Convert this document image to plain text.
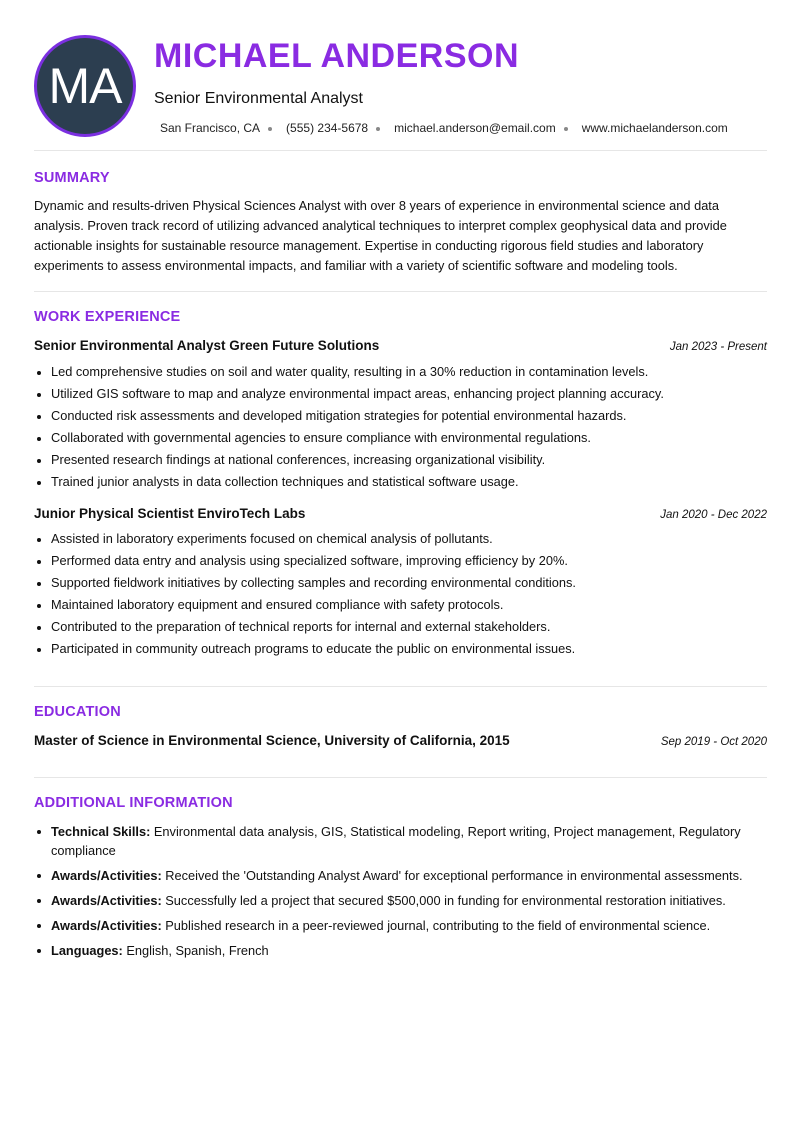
MA
MICHAEL ANDERSON
Senior Environmental Analyst
San Francisco, CA (555) 234-5678 michael.anderson@email.com www.michaelanderson.com
SUMMARY
Dynamic and results-driven Physical Sciences Analyst with over 8 years of experience in environmental science and data analysis. Proven track record of utilizing advanced analytical techniques to interpret complex geophysical data and provide actionable insights for sustainable resource management. Expertise in conducting rigorous field studies and laboratory experiments to assess environmental impacts, and familiar with a variety of scientific software and modeling tools.
WORK EXPERIENCE
Senior Environmental Analyst Green Future Solutions	Jan 2023 - Present
Led comprehensive studies on soil and water quality, resulting in a 30% reduction in contamination levels.
Utilized GIS software to map and analyze environmental impact areas, enhancing project planning accuracy.
Conducted risk assessments and developed mitigation strategies for potential environmental hazards.
Collaborated with governmental agencies to ensure compliance with environmental regulations.
Presented research findings at national conferences, increasing organizational visibility.
Trained junior analysts in data collection techniques and statistical software usage.
Junior Physical Scientist EnviroTech Labs	Jan 2020 - Dec 2022
Assisted in laboratory experiments focused on chemical analysis of pollutants.
Performed data entry and analysis using specialized software, improving efficiency by 20%.
Supported fieldwork initiatives by collecting samples and recording environmental conditions.
Maintained laboratory equipment and ensured compliance with safety protocols.
Contributed to the preparation of technical reports for internal and external stakeholders.
Participated in community outreach programs to educate the public on environmental issues.
EDUCATION
Master of Science in Environmental Science, University of California, 2015	Sep 2019 - Oct 2020
ADDITIONAL INFORMATION
Technical Skills: Environmental data analysis, GIS, Statistical modeling, Report writing, Project management, Regulatory compliance
Awards/Activities: Received the 'Outstanding Analyst Award' for exceptional performance in environmental assessments.
Awards/Activities: Successfully led a project that secured $500,000 in funding for environmental restoration initiatives.
Awards/Activities: Published research in a peer-reviewed journal, contributing to the field of environmental science.
Languages: English, Spanish, French
